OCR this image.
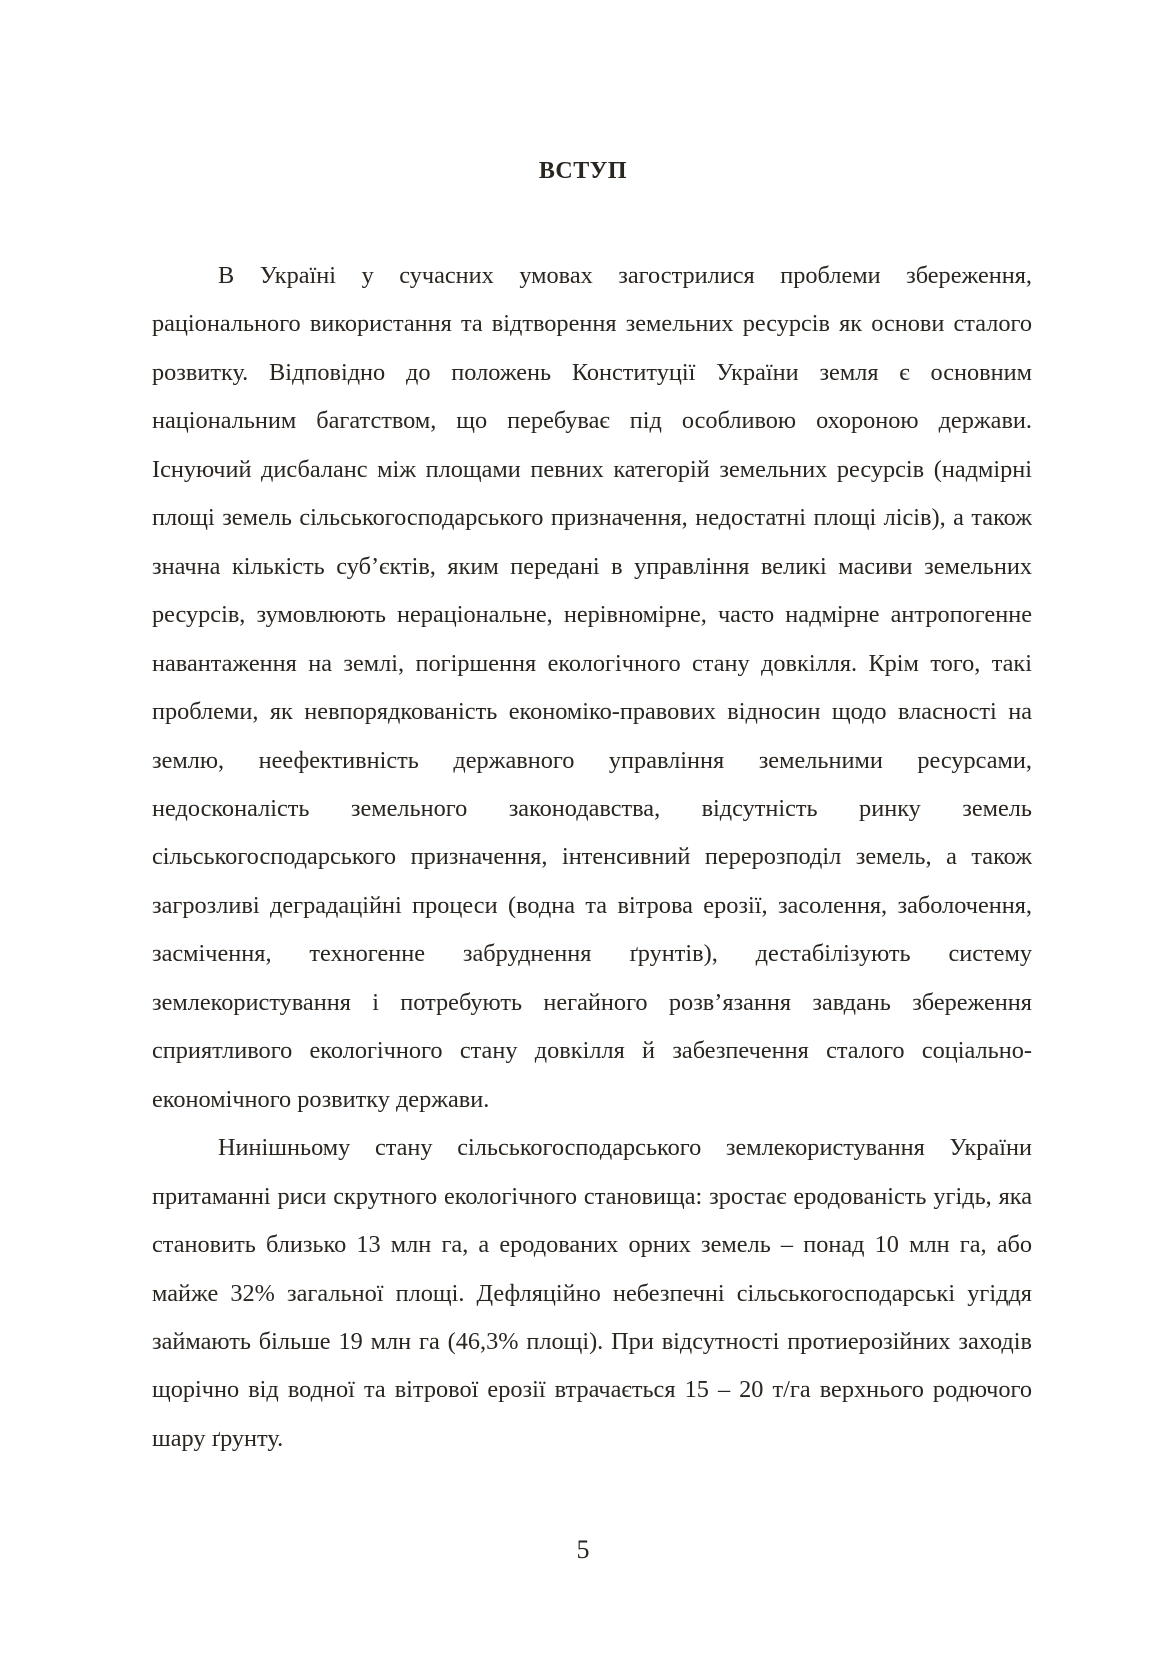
ВСТУП

В Україні у сучасних умовах загострилися проблеми збереження, раціонального використання та відтворення земельних ресурсів як основи сталого розвитку. Відповідно до положень Конституції України земля є основним національним багатством, що перебуває під особливою охороною держави. Існуючий дисбаланс між площами певних категорій земельних ресурсів (надмірні площі земель сільськогосподарського призначення, недостатні площі лісів), а також значна кількість суб’єктів, яким передані в управління великі масиви земельних ресурсів, зумовлюють нераціональне, нерівномірне, часто надмірне антропогенне навантаження на землі, погіршення екологічного стану довкілля. Крім того, такі проблеми, як невпорядкованість економіко-правових відносин щодо власності на землю, неефективність державного управління земельними ресурсами, недосконалість земельного законодавства, відсутність ринку земель сільськогосподарського призначення, інтенсивний перерозподіл земель, а також загрозливі деградаційні процеси (водна та вітрова ерозії, засолення, заболочення, засмічення, техногенне забруднення ґрунтів), дестабілізують систему землекористування і потребують негайного розв’язання завдань збереження сприятливого екологічного стану довкілля й забезпечення сталого соціально-економічного розвитку держави.

Нинішньому стану сільськогосподарського землекористування України притаманні риси скрутного екологічного становища: зростає еродованість угідь, яка становить близько 13 млн га, а еродованих орних земель – понад 10 млн га, або майже 32% загальної площі. Дефляційно небезпечні сільськогосподарські угіддя займають більше 19 млн га (46,3% площі). При відсутності протиерозійних заходів щорічно від водної та вітрової ерозії втрачається 15 – 20 т/га верхнього родючого шару ґрунту.

5
